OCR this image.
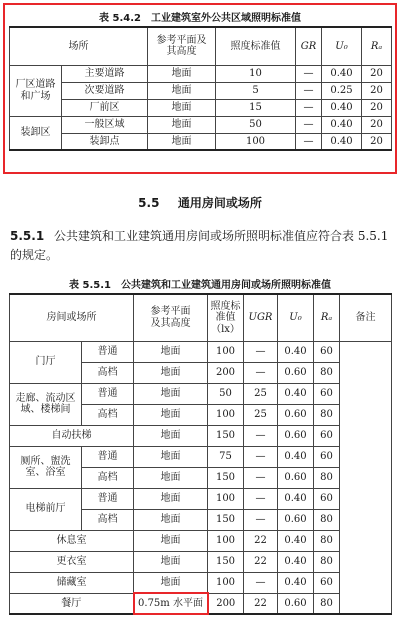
表 5.4.2　工业建筑室外公共区域照明标准值
场所		参考平面及其高度	照度标准值	GR	U₀	Rₐ
厂区道路和广场	主要道路	地面	10	—	0.40	20
	次要道路	地面	5	—	0.25	20
	厂前区	地面	15	—	0.40	20
装卸区	一般区域	地面	50	—	0.40	20
	装卸点	地面	100	—	0.40	20
5.5 通用房间或场所
5.5.1 公共建筑和工业建筑通用房间或场所照明标准值应符合表 5.5.1的规定。
表 5.5.1　公共建筑和工业建筑通用房间或场所照明标准值
房间或场所		参考平面及其高度	照度标准值（lx）	UGR	U₀	Rₐ	备注
门厅	普通	地面	100	—	0.40	60	
	高档	地面	200	—	0.60	80	
走廊、流动区域、楼梯间	普通	地面	50	25	0.40	60	
	高档	地面	100	25	0.60	80	
自动扶梯		地面	150	—	0.60	60	
厕所、盥洗室、浴室	普通	地面	75	—	0.40	60	
	高档	地面	150	—	0.60	80	
电梯前厅	普通	地面	100	—	0.40	60	
	高档	地面	150	—	0.60	80	
休息室		地面	100	22	0.40	80	
更衣室		地面	150	22	0.40	80	
储藏室		地面	100	—	0.40	60	
餐厅		0.75m 水平面	200	22	0.60	80	
